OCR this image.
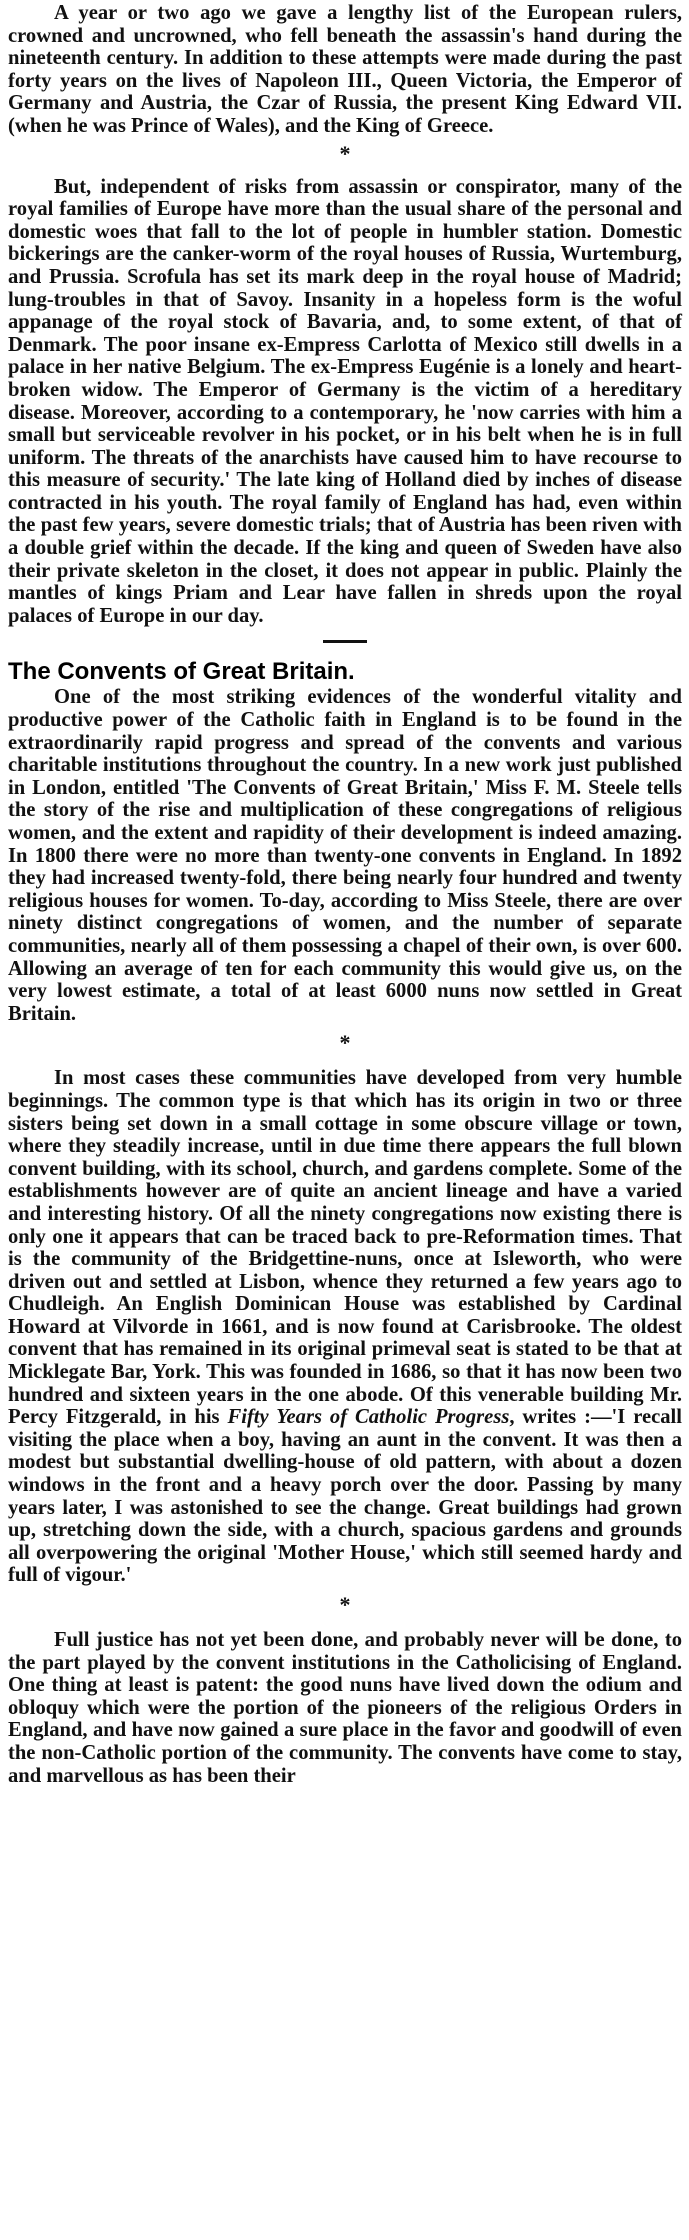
A year or two ago we gave a lengthy list of the European rulers, crowned and uncrowned, who fell beneath the assassin's hand during the nineteenth century. In addition to these attempts were made during the past forty years on the lives of Napoleon III., Queen Victoria, the Emperor of Germany and Austria, the Czar of Russia, the present King Edward VII. (when he was Prince of Wales), and the King of Greece.

*

But, independent of risks from assassin or conspirator, many of the royal families of Europe have more than the usual share of the personal and domestic woes that fall to the lot of people in humbler station. Domestic bickerings are the canker-worm of the royal houses of Russia, Wurtemburg, and Prussia. Scrofula has set its mark deep in the royal house of Madrid; lung-troubles in that of Savoy. Insanity in a hopeless form is the woful appanage of the royal stock of Bavaria, and, to some extent, of that of Denmark. The poor insane ex-Empress Carlotta of Mexico still dwells in a palace in her native Belgium. The ex-Empress Eugénie is a lonely and heart-broken widow. The Emperor of Germany is the victim of a hereditary disease. Moreover, according to a contemporary, he 'now carries with him a small but serviceable revolver in his pocket, or in his belt when he is in full uniform. The threats of the anarchists have caused him to have recourse to this measure of security.' The late king of Holland died by inches of disease contracted in his youth. The royal family of England has had, even within the past few years, severe domestic trials; that of Austria has been riven with a double grief within the decade. If the king and queen of Sweden have also their private skeleton in the closet, it does not appear in public. Plainly the mantles of kings Priam and Lear have fallen in shreds upon the royal palaces of Europe in our day.

The Convents of Great Britain.

One of the most striking evidences of the wonderful vitality and productive power of the Catholic faith in England is to be found in the extraordinarily rapid progress and spread of the convents and various charitable institutions throughout the country. In a new work just published in London, entitled 'The Convents of Great Britain,' Miss F. M. Steele tells the story of the rise and multiplication of these congregations of religious women, and the extent and rapidity of their development is indeed amazing. In 1800 there were no more than twenty-one convents in England. In 1892 they had increased twenty-fold, there being nearly four hundred and twenty religious houses for women. To-day, according to Miss Steele, there are over ninety distinct congregations of women, and the number of separate communities, nearly all of them possessing a chapel of their own, is over 600. Allowing an average of ten for each community this would give us, on the very lowest estimate, a total of at least 6000 nuns now settled in Great Britain.

*

In most cases these communities have developed from very humble beginnings. The common type is that which has its origin in two or three sisters being set down in a small cottage in some obscure village or town, where they steadily increase, until in due time there appears the full blown convent building, with its school, church, and gardens complete. Some of the establishments however are of quite an ancient lineage and have a varied and interesting history. Of all the ninety congregations now existing there is only one it appears that can be traced back to pre-Reformation times. That is the community of the Bridgettine-nuns, once at Isleworth, who were driven out and settled at Lisbon, whence they returned a few years ago to Chudleigh. An English Dominican House was established by Cardinal Howard at Vilvorde in 1661, and is now found at Carisbrooke. The oldest convent that has remained in its original primeval seat is stated to be that at Micklegate Bar, York. This was founded in 1686, so that it has now been two hundred and sixteen years in the one abode. Of this venerable building Mr. Percy Fitzgerald, in his Fifty Years of Catholic Progress, writes :—'I recall visiting the place when a boy, having an aunt in the convent. It was then a modest but substantial dwelling-house of old pattern, with about a dozen windows in the front and a heavy porch over the door. Passing by many years later, I was astonished to see the change. Great buildings had grown up, stretching down the side, with a church, spacious gardens and grounds all overpowering the original 'Mother House,' which still seemed hardy and full of vigour.'

*

Full justice has not yet been done, and probably never will be done, to the part played by the convent institutions in the Catholicising of England. One thing at least is patent: the good nuns have lived down the odium and obloquy which were the portion of the pioneers of the religious Orders in England, and have now gained a sure place in the favor and goodwill of even the non-Catholic portion of the community. The convents have come to stay, and marvellous as has been their
